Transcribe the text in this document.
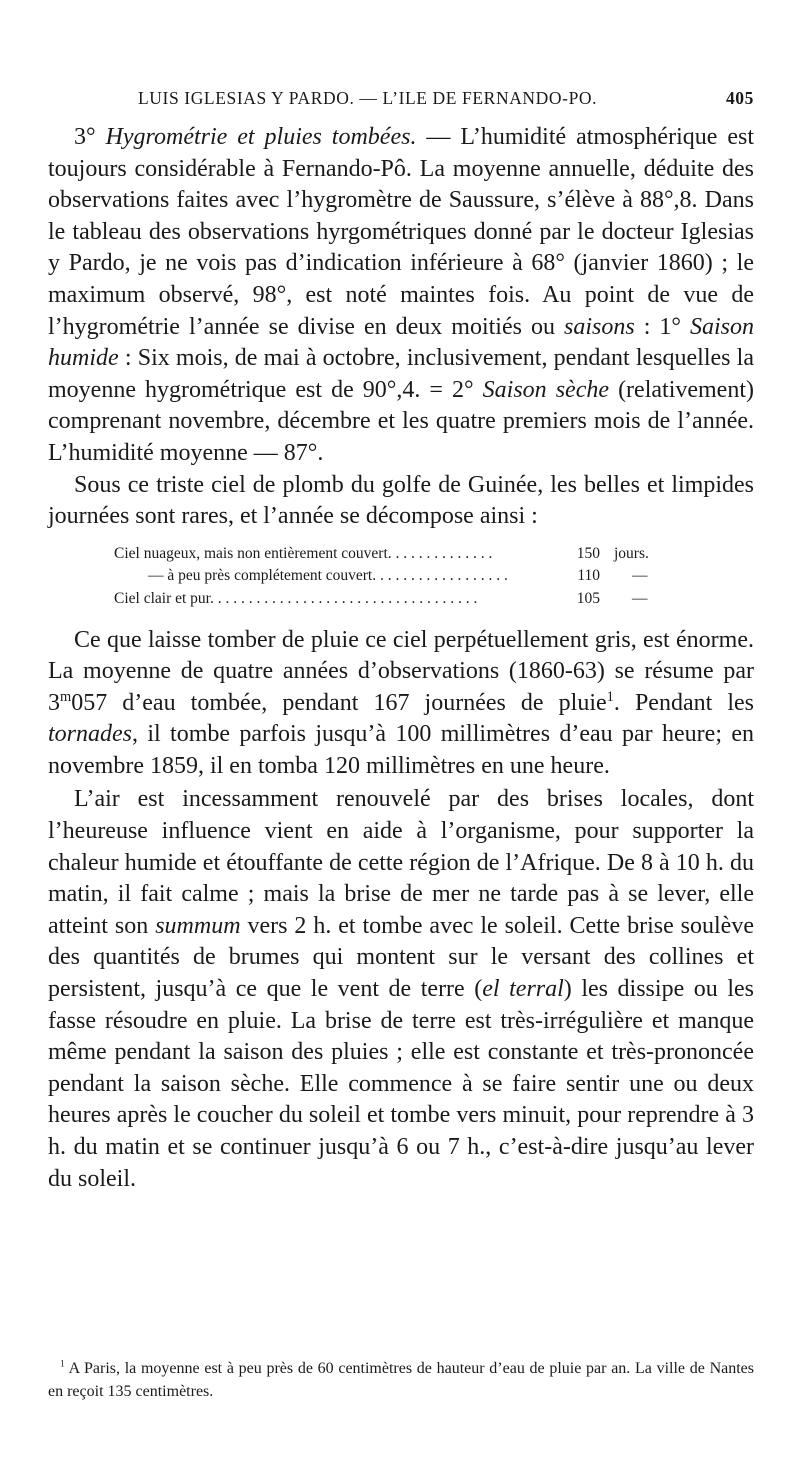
LUIS IGLESIAS Y PARDO. — L’ILE DE FERNANDO-PO.	405

3° Hygrométrie et pluies tombées. — L’humidité atmosphérique est toujours considérable à Fernando-Pô. La moyenne annuelle, déduite des observations faites avec l’hygromètre de Saussure, s’élève à 88°,8. Dans le tableau des observations hyrgométriques donné par le docteur Iglesias y Pardo, je ne vois pas d’indication inférieure à 68° (janvier 1860) ; le maximum observé, 98°, est noté maintes fois. Au point de vue de l’hygrométrie l’année se divise en deux moitiés ou saisons : 1° Saison humide : Six mois, de mai à octobre, inclusivement, pendant lesquelles la moyenne hygrométrique est de 90°,4. = 2° Saison sèche (relativement) comprenant novembre, décembre et les quatre premiers mois de l’année. L’humidité moyenne — 87°.

Sous ce triste ciel de plomb du golfe de Guinée, les belles et limpides journées sont rares, et l’année se décompose ainsi :

Ciel nuageux, mais non entièrement couvert. . . . . . . . . . . . . .	150 jours.
— à peu près complétement couvert. . . . . . . . . . . . . . . . . .	110	—
Ciel clair et pur. . . . . . . . . . . . . . . . . . . . . . . . . . . . . . . . . . .	105	—

Ce que laisse tomber de pluie ce ciel perpétuellement gris, est énorme. La moyenne de quatre années d’observations (1860-63) se résume par 3$^m$057 d’eau tombée, pendant 167 journées de pluie$^1$. Pendant les tornades, il tombe parfois jusqu’à 100 millimètres d’eau par heure; en novembre 1859, il en tomba 120 millimètres en une heure.

L’air est incessamment renouvelé par des brises locales, dont l’heureuse influence vient en aide à l’organisme, pour supporter la chaleur humide et étouffante de cette région de l’Afrique. De 8 à 10 h. du matin, il fait calme ; mais la brise de mer ne tarde pas à se lever, elle atteint son summum vers 2 h. et tombe avec le soleil. Cette brise soulève des quantités de brumes qui montent sur le versant des collines et persistent, jusqu’à ce que le vent de terre (el terral) les dissipe ou les fasse résoudre en pluie. La brise de terre est très-irrégulière et manque même pendant la saison des pluies ; elle est constante et très-prononcée pendant la saison sèche. Elle commence à se faire sentir une ou deux heures après le coucher du soleil et tombe vers minuit, pour reprendre à 3 h. du matin et se continuer jusqu’à 6 ou 7 h., c’est-à-dire jusqu’au lever du soleil.

$^1$ A Paris, la moyenne est à peu près de 60 centimètres de hauteur d’eau de pluie par an. La ville de Nantes en reçoit 135 centimètres.
